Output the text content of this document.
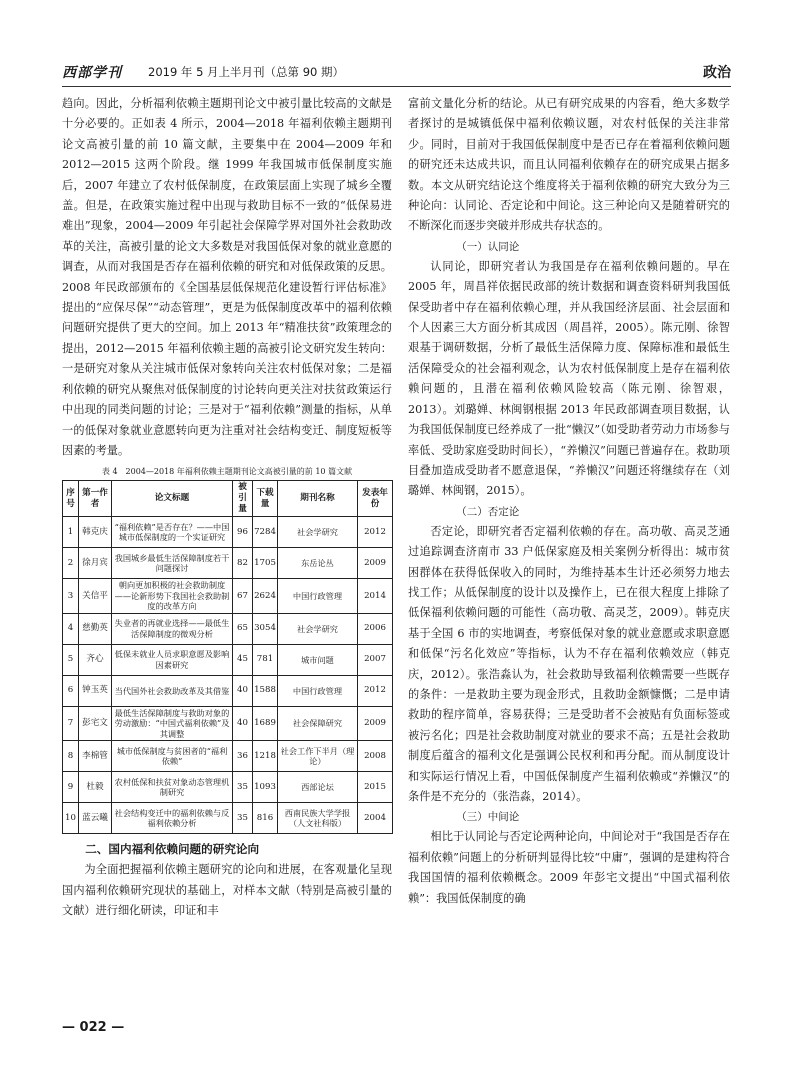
西部学刊 2019 年 5 月上半月刊（总第 90 期）	政治

趋向。因此，分析福利依赖主题期刊论文中被引量比较高的文献是十分必要的。正如表 4 所示，2004—2018 年福利依赖主题期刊论文高被引量的前 10 篇文献，主要集中在 2004—2009 年和 2012—2015 这两个阶段。继 1999 年我国城市低保制度实施后，2007 年建立了农村低保制度，在政策层面上实现了城乡全覆盖。但是，在政策实施过程中出现与救助目标不一致的“低保易进难出”现象，2004—2009 年引起社会保障学界对国外社会救助改革的关注，高被引量的论文大多数是对我国低保对象的就业意愿的调查，从而对我国是否存在福利依赖的研究和对低保政策的反思。2008 年民政部颁布的《全国基层低保规范化建设暂行评估标准》提出的“应保尽保”“动态管理”，更是为低保制度改革中的福利依赖问题研究提供了更大的空间。加上 2013 年“精准扶贫”政策理念的提出，2012—2015 年福利依赖主题的高被引论文研究发生转向：一是研究对象从关注城市低保对象转向关注农村低保对象；二是福利依赖的研究从聚焦对低保制度的讨论转向更关注对扶贫政策运行中出现的同类问题的讨论；三是对于“福利依赖”测量的指标，从单一的低保对象就业意愿转向更为注重对社会结构变迁、制度短板等因素的考量。

表 4　2004—2018 年福利依赖主题期刊论文高被引量的前 10 篇文献
序号	第一作者	论文标题	被引量	下载量	期刊名称	发表年份
1	韩克庆	“福利依赖”是否存在？——中国城市低保制度的一个实证研究	96	7284	社会学研究	2012
2	徐月宾	我国城乡最低生活保障制度若干问题探讨	82	1705	东岳论丛	2009
3	关信平	朝向更加积极的社会救助制度——论新形势下我国社会救助制度的改革方向	67	2624	中国行政管理	2014
4	慈勤英	失业者的再就业选择——最低生活保障制度的微观分析	65	3054	社会学研究	2006
5	齐心	低保未就业人员求职意愿及影响因素研究	45	781	城市问题	2007
6	钟玉英	当代国外社会救助改革及其借鉴	40	1588	中国行政管理	2012
7	彭宅文	最低生活保障制度与救助对象的劳动激励：“中国式福利依赖”及其调整	40	1689	社会保障研究	2009
8	李棉管	城市低保制度与贫困者的“福利依赖”	36	1218	社会工作下半月（理论）	2008
9	杜毅	农村低保和扶贫对象动态管理机制研究	35	1093	西部论坛	2015
10	蓝云曦	社会结构变迁中的福利依赖与反福利依赖分析	35	816	西南民族大学学报（人文社科版）	2004

二、国内福利依赖问题的研究论向

为全面把握福利依赖主题研究的论向和进展，在客观量化呈现国内福利依赖研究现状的基础上，对样本文献（特别是高被引量的文献）进行细化研读，印证和丰

富前文量化分析的结论。从已有研究成果的内容看，绝大多数学者探讨的是城镇低保中福利依赖议题，对农村低保的关注非常少。同时，目前对于我国低保制度中是否已存在着福利依赖问题的研究还未达成共识，而且认同福利依赖存在的研究成果占据多数。本文从研究结论这个维度将关于福利依赖的研究大致分为三种论向：认同论、否定论和中间论。这三种论向又是随着研究的不断深化而逐步突破并形成共存状态的。

（一）认同论

认同论，即研究者认为我国是存在福利依赖问题的。早在 2005 年，周昌祥依据民政部的统计数据和调查资料研判我国低保受助者中存在福利依赖心理，并从我国经济层面、社会层面和个人因素三大方面分析其成因（周昌祥，2005）。陈元刚、徐智艰基于调研数据，分析了最低生活保障力度、保障标准和最低生活保障受众的社会福利观念，认为农村低保制度上是存在福利依赖问题的，且潜在福利依赖风险较高（陈元刚、徐智艰，2013）。刘璐婵、林闽钢根据 2013 年民政部调查项目数据，认为我国低保制度已经养成了一批“懒汉”（如受助者劳动力市场参与率低、受助家庭受助时间长），“养懒汉”问题已普遍存在。救助项目叠加造成受助者不愿意退保，“养懒汉”问题还将继续存在（刘璐婵、林闽钢，2015）。

（二）否定论

否定论，即研究者否定福利依赖的存在。高功敬、高灵芝通过追踪调查济南市 33 户低保家庭及相关案例分析得出：城市贫困群体在获得低保收入的同时，为维持基本生计还必须努力地去找工作；从低保制度的设计以及操作上，已在很大程度上排除了低保福利依赖问题的可能性（高功敬、高灵芝，2009）。韩克庆基于全国 6 市的实地调查，考察低保对象的就业意愿或求职意愿和低保“污名化效应”等指标，认为不存在福利依赖效应（韩克庆，2012）。张浩淼认为，社会救助导致福利依赖需要一些既存的条件：一是救助主要为现金形式，且救助金额慷慨；二是申请救助的程序简单，容易获得；三是受助者不会被贴有负面标签或被污名化；四是社会救助制度对就业的要求不高；五是社会救助制度后蕴含的福利文化是强调公民权利和再分配。而从制度设计和实际运行情况上看，中国低保制度产生福利依赖或“养懒汉”的条件是不充分的（张浩淼，2014）。

（三）中间论

相比于认同论与否定论两种论向，中间论对于“我国是否存在福利依赖”问题上的分析研判显得比较“中庸”，强调的是建构符合我国国情的福利依赖概念。2009 年彭宅文提出“中国式福利依赖”：我国低保制度的确

— 022 —
